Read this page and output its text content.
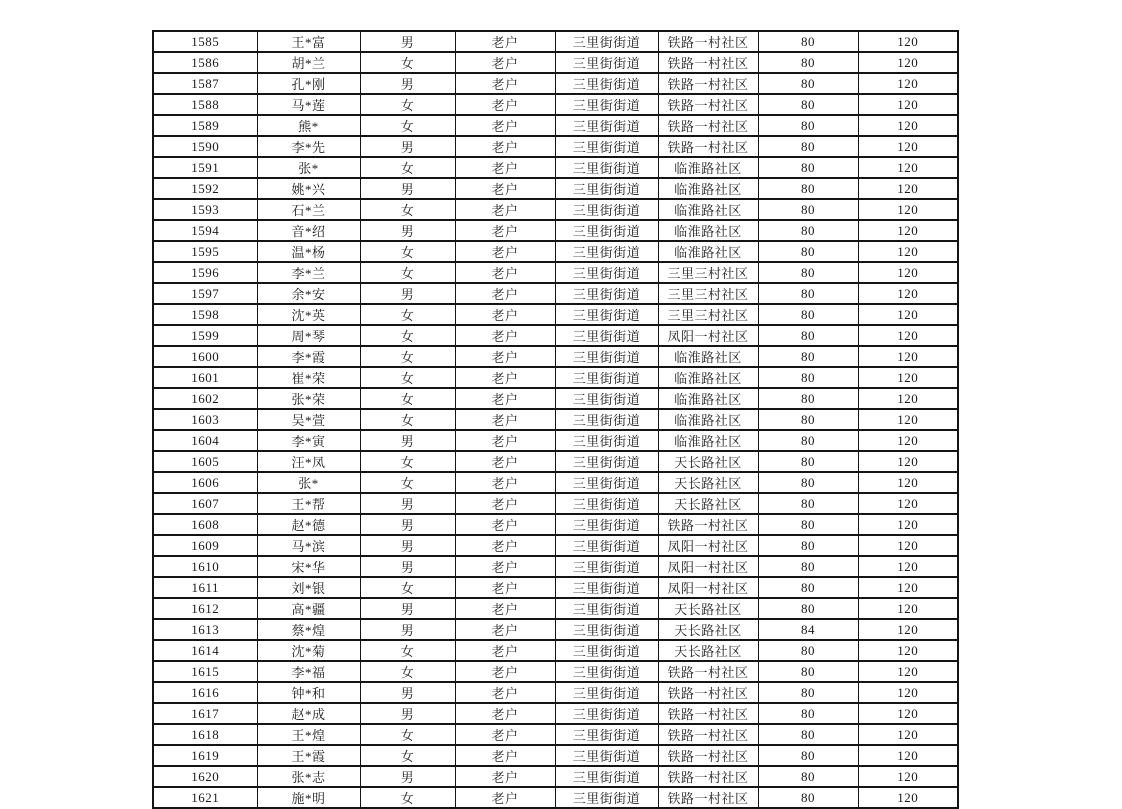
1585	王*富	男	老户	三里街街道	铁路一村社区	80	120
1586	胡*兰	女	老户	三里街街道	铁路一村社区	80	120
1587	孔*刚	男	老户	三里街街道	铁路一村社区	80	120
1588	马*莲	女	老户	三里街街道	铁路一村社区	80	120
1589	熊*	女	老户	三里街街道	铁路一村社区	80	120
1590	李*先	男	老户	三里街街道	铁路一村社区	80	120
1591	张*	女	老户	三里街街道	临淮路社区	80	120
1592	姚*兴	男	老户	三里街街道	临淮路社区	80	120
1593	石*兰	女	老户	三里街街道	临淮路社区	80	120
1594	音*绍	男	老户	三里街街道	临淮路社区	80	120
1595	温*杨	女	老户	三里街街道	临淮路社区	80	120
1596	李*兰	女	老户	三里街街道	三里三村社区	80	120
1597	余*安	男	老户	三里街街道	三里三村社区	80	120
1598	沈*英	女	老户	三里街街道	三里三村社区	80	120
1599	周*琴	女	老户	三里街街道	凤阳一村社区	80	120
1600	李*霞	女	老户	三里街街道	临淮路社区	80	120
1601	崔*荣	女	老户	三里街街道	临淮路社区	80	120
1602	张*荣	女	老户	三里街街道	临淮路社区	80	120
1603	吴*萱	女	老户	三里街街道	临淮路社区	80	120
1604	李*寅	男	老户	三里街街道	临淮路社区	80	120
1605	汪*凤	女	老户	三里街街道	天长路社区	80	120
1606	张*	女	老户	三里街街道	天长路社区	80	120
1607	王*帮	男	老户	三里街街道	天长路社区	80	120
1608	赵*德	男	老户	三里街街道	铁路一村社区	80	120
1609	马*滨	男	老户	三里街街道	凤阳一村社区	80	120
1610	宋*华	男	老户	三里街街道	凤阳一村社区	80	120
1611	刘*银	女	老户	三里街街道	凤阳一村社区	80	120
1612	高*疆	男	老户	三里街街道	天长路社区	80	120
1613	蔡*煌	男	老户	三里街街道	天长路社区	84	120
1614	沈*菊	女	老户	三里街街道	天长路社区	80	120
1615	李*福	女	老户	三里街街道	铁路一村社区	80	120
1616	钟*和	男	老户	三里街街道	铁路一村社区	80	120
1617	赵*成	男	老户	三里街街道	铁路一村社区	80	120
1618	王*煌	女	老户	三里街街道	铁路一村社区	80	120
1619	王*霞	女	老户	三里街街道	铁路一村社区	80	120
1620	张*志	男	老户	三里街街道	铁路一村社区	80	120
1621	施*明	女	老户	三里街街道	铁路一村社区	80	120
